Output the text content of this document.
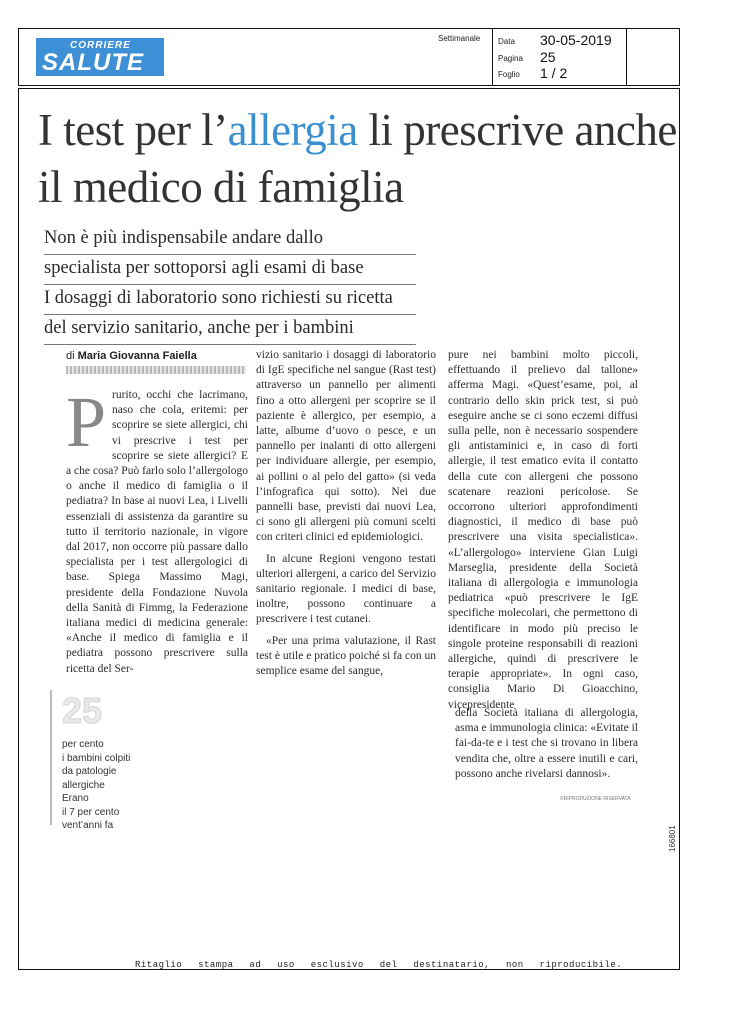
CORRIERE
SALUTE
Settimanale Data 30-05-2019
Pagina 25
Foglio 1 / 2
I test per l’allergia li prescrive anche il medico di famiglia
Non è più indispensabile andare dallo
specialista per sottoporsi agli esami di base
I dosaggi di laboratorio sono richiesti su ricetta
del servizio sanitario, anche per i bambini
di Maria Giovanna Faiella

Prurito, occhi che lacrimano, naso che cola, eritemi: per scoprire se siete allergici, chi vi prescrive i test per scoprire se siete allergici? E a che cosa? Può farlo solo l’allergologo o anche il medico di famiglia o il pediatra? In base ai nuovi Lea, i Livelli essenziali di assistenza da garantire su tutto il territorio nazionale, in vigore dal 2017, non occorre più passare dallo specialista per i test allergologici di base. Spiega Massimo Magi, presidente della Fondazione Nuvola della Sanità di Fimmg, la Federazione italiana medici di medicina generale: «Anche il medico di famiglia e il pediatra possono prescrivere sulla ricetta del Ser-

vizio sanitario i dosaggi di laboratorio di IgE specifiche nel sangue (Rast test) attraverso un pannello per alimenti fino a otto allergeni per scoprire se il paziente è allergico, per esempio, a latte, albume d’uovo o pesce, e un pannello per inalanti di otto allergeni per individuare allergie, per esempio, ai pollini o al pelo del gatto» (si veda l’infografica qui sotto). Nei due pannelli base, previsti dai nuovi Lea, ci sono gli allergeni più comuni scelti con criteri clinici ed epidemiologici.

In alcune Regioni vengono testati ulteriori allergeni, a carico del Servizio sanitario regionale. I medici di base, inoltre, possono continuare a prescrivere i test cutanei.

«Per una prima valutazione, il Rast test è utile e pratico poiché si fa con un semplice esame del sangue,

pure nei bambini molto piccoli, effettuando il prelievo dal tallone» afferma Magi. «Quest’esame, poi, al contrario dello skin prick test, si può eseguire anche se ci sono eczemi diffusi sulla pelle, non è necessario sospendere gli antistaminici e, in caso di forti allergie, il test ematico evita il contatto della cute con allergeni che possono scatenare reazioni pericolose. Se occorrono ulteriori approfondimenti diagnostici, il medico di base può prescrivere una visita specialistica». «L’allergologo» interviene Gian Luigi Marseglia, presidente della Società italiana di allergologia e immunologia pediatrica «può prescrivere le IgE specifiche molecolari, che permettono di identificare in modo più preciso le singole proteine responsabili di reazioni allergiche, quindi di prescrivere le terapie appropriate». In ogni caso, consiglia Mario Di Gioacchino, vicepresidente

della Società italiana di allergologia, asma e immunologia clinica: «Evitate il fai-da-te e i test che si trovano in libera vendita che, oltre a essere inutili e cari, possono anche rivelarsi dannosi».

©RIPRODUZIONE RISERVATA
25
per cento
i bambini colpiti
da patologie
allergiche
Erano
il 7 per cento
vent’anni fa	166801
Ritaglio stampa ad uso esclusivo del destinatario, non riproducibile.
